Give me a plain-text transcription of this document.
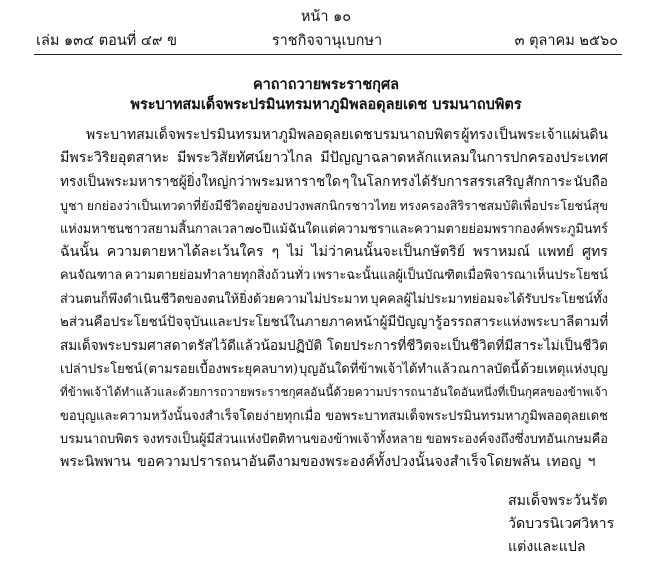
หน้า ๑๐
ราชกิจจานุเบกษา
เล่ม ๑๓๔ ตอนที่ ๔๙ ข	๓ ตุลาคม ๒๕๖๐
คาถาถวายพระราชกุศล
พระบาทสมเด็จพระปรมินทรมหาภูมิพลอดุลยเดช บรมนาถบพิตร
พระบาทสมเด็จพระปรมินทรมหาภูมิพลอดุลยเดช บรมนาถบพิตร ผู้ทรง เป็นพระเจ้าแผ่นดิน
มีพระวิริยอุตสาหะ มีพระวิสัยทัศน์ยาวไกล มีปัญญาฉลาดหลักแหลมในการปกครองประเทศ
ทรงเป็นพระมหาราชผู้ยิ่งใหญ่กว่าพระมหาราชใด ๆ ในโลก ทรงได้รับการสรรเสริญ สักการะ นับถือ
บูชา ยกย่องว่าเป็นเทวดาที่ยังมีชีวิตอยู่ของปวงพสกนิกรชาวไทย ทรงครองสิริราชสมบัติเพื่อประโยชน์สุข
แห่งมหาชนชาวสยามสิ้นกาลเวลา ๗๐ ปี แม้ฉันใด แต่ความชราและความตายย่อมพรากองค์พระภูมินทร์
ฉันนั้น ความตายหาได้ละเว้นใคร ๆ ไม่ ไม่ว่าคนนั้นจะเป็นกษัตริย์ พราหมณ์ แพทย์ ศูทร
คนจัณฑาล ความตายย่อมทำลายทุกสิ่งถ้วนทั่ว เพราะฉะนั้นแลผู้เป็นบัณฑิตเมื่อพิจารณาเห็นประโยชน์
ส่วนตนก็พึงดำเนินชีวิตของตนให้ยิ่งด้วยความไม่ประมาท บุคคลผู้ไม่ประมาทย่อมจะได้รับประโยชน์ทั้ง
๒ ส่วนคือ ประโยชน์ปัจจุบันและประโยชน์ในภายภาคหน้า ผู้มีปัญญารู้อรรถสาระแห่งพระบาลีตามที่
สมเด็จพระบรมศาสดาตรัสไว้ดีแล้วน้อมปฏิบัติ โดยประการที่ชีวิตจะเป็นชีวิตที่มีสาระไม่เป็นชีวิต
เปล่าประโยชน์ (ตามรอยเบื้องพระยุคลบาท) บุญอันใดที่ข้าพเจ้าได้ทำแล้ว ณ กาลบัดนี้ ด้วยเหตุแห่งบุญ
ที่ข้าพเจ้าได้ทำแล้วและด้วยการถวายพระราชกุศลอันนี้ด้วยความปรารถนาอันใดอันหนึ่งที่เป็นกุศลของข้าพเจ้า
ขอบุญและความหวังนั้นจงสำเร็จโดยง่ายทุกเมื่อ ขอพระบาทสมเด็จพระปรมินทรมหาภูมิพลอดุลยเดช
บรมนาถบพิตร จงทรงเป็นผู้มีส่วนแห่งปัตติทานของข้าพเจ้าทั้งหลาย ขอพระองค์จงถึงซึ่งบทอันเกษมคือ
พระนิพพาน ขอความปรารถนาอันดีงามของพระองค์ทั้งปวงนั้นจงสำเร็จโดยพลัน เทอญ ฯ
สมเด็จพระวันรัต
วัดบวรนิเวศวิหาร
แต่งและแปล
